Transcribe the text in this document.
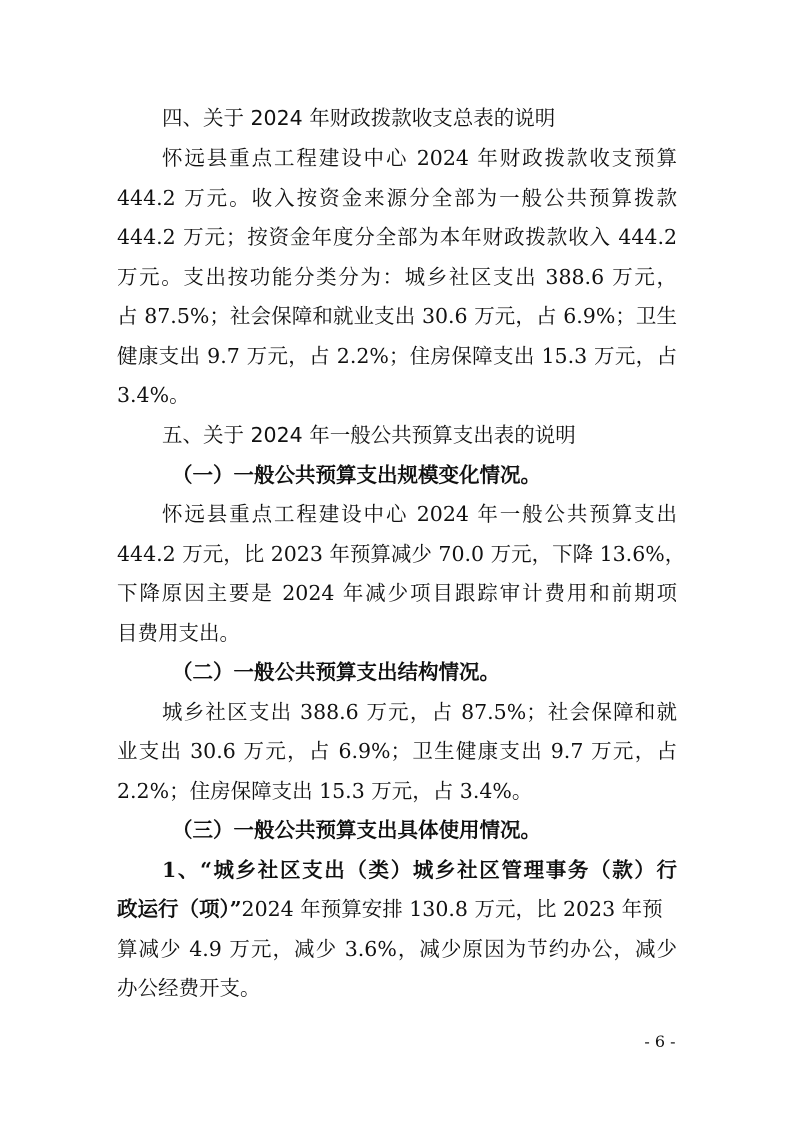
四、关于 2024 年财政拨款收支总表的说明
怀远县重点工程建设中心 2024 年财政拨款收支预算
444.2 万元。收入按资金来源分全部为一般公共预算拨款
444.2 万元；按资金年度分全部为本年财政拨款收入 444.2
万元。支出按功能分类分为：城乡社区支出 388.6 万元，
占 87.5%；社会保障和就业支出 30.6 万元，占 6.9%；卫生
健康支出 9.7 万元，占 2.2%；住房保障支出 15.3 万元，占
3.4%。
五、关于 2024 年一般公共预算支出表的说明
（一）一般公共预算支出规模变化情况。
怀远县重点工程建设中心 2024 年一般公共预算支出
444.2 万元，比 2023 年预算减少 70.0 万元，下降 13.6%，
下降原因主要是 2024 年减少项目跟踪审计费用和前期项
目费用支出。
（二）一般公共预算支出结构情况。
城乡社区支出 388.6 万元，占 87.5%；社会保障和就
业支出 30.6 万元，占 6.9%；卫生健康支出 9.7 万元，占
2.2%；住房保障支出 15.3 万元，占 3.4%。
（三）一般公共预算支出具体使用情况。
1、“城乡社区支出（类）城乡社区管理事务（款）行
政运行（项）”2024 年预算安排 130.8 万元，比 2023 年预
算减少 4.9 万元，减少 3.6%，减少原因为节约办公，减少
办公经费开支。
- 6 -
